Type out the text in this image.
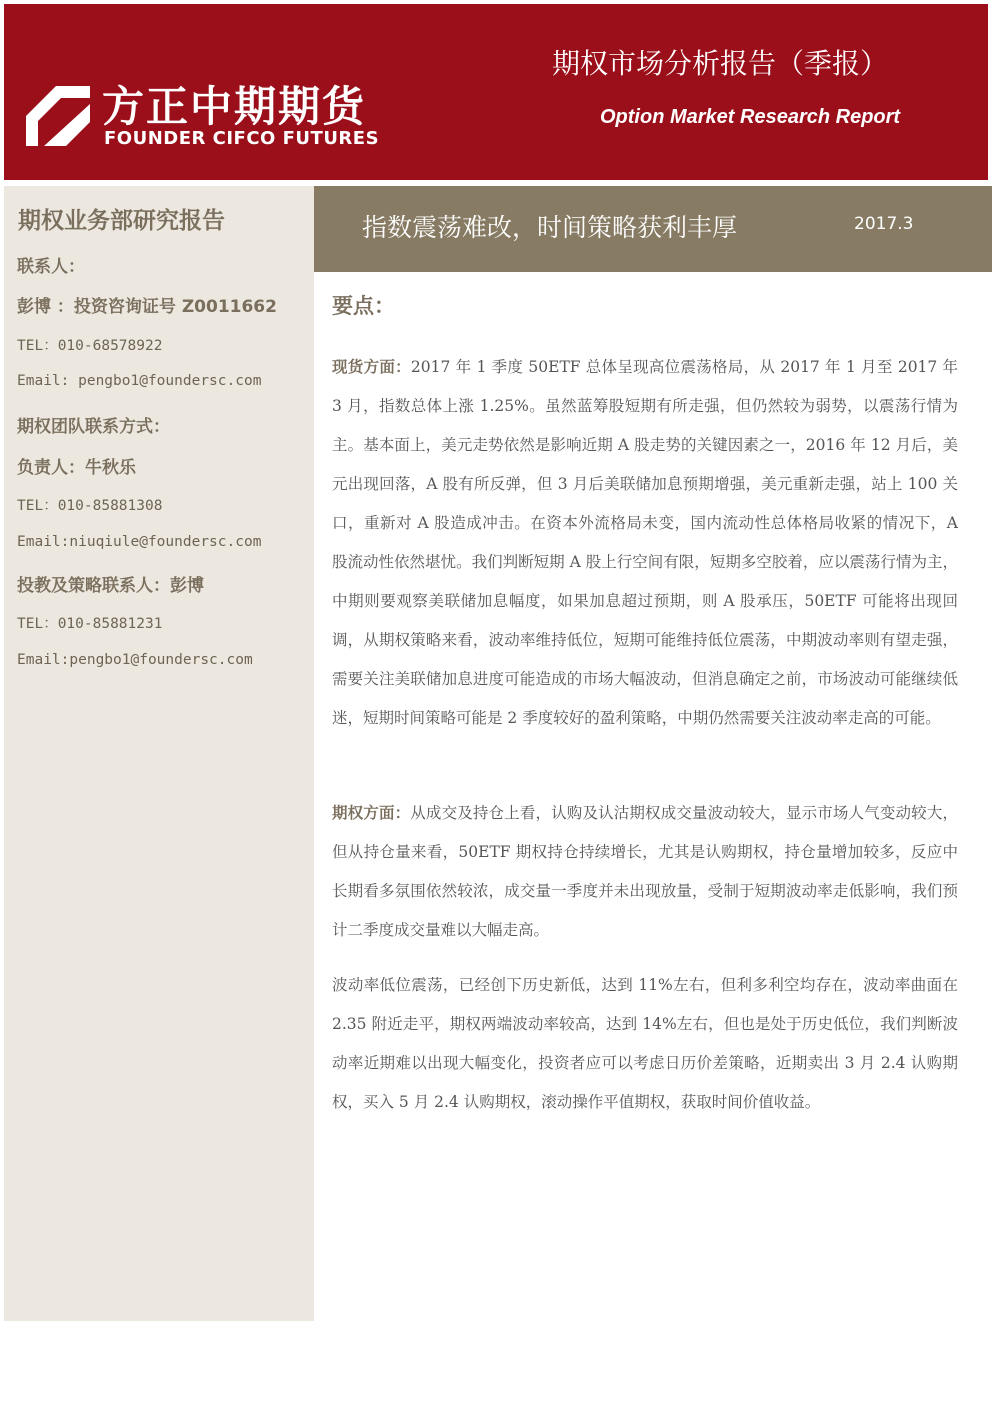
方正中期期货
FOUNDER CIFCO FUTURES
期权市场分析报告（季报）
Option Market Research Report
期权业务部研究报告
联系人：
彭博 ：投资咨询证号 Z0011662
TEL：010-68578922
Email: pengbo1@foundersc.com
期权团队联系方式：
负责人：牛秋乐
TEL：010-85881308
Email:niuqiule@foundersc.com
投教及策略联系人：彭博
TEL：010-85881231
Email:pengbo1@foundersc.com
指数震荡难改，时间策略获利丰厚	2017.3
要点：

现货方面：2017 年 1 季度 50ETF 总体呈现高位震荡格局，从 2017 年 1 月至 2017 年 3 月，指数总体上涨 1.25%。虽然蓝筹股短期有所走强，但仍然较为弱势，以震荡行情为主。基本面上，美元走势依然是影响近期 A 股走势的关键因素之一，2016 年 12 月后，美元出现回落，A 股有所反弹，但 3 月后美联储加息预期增强，美元重新走强，站上 100 关口，重新对 A 股造成冲击。在资本外流格局未变，国内流动性总体格局收紧的情况下，A 股流动性依然堪忧。我们判断短期 A 股上行空间有限，短期多空胶着，应以震荡行情为主，中期则要观察美联储加息幅度，如果加息超过预期，则 A 股承压，50ETF 可能将出现回调，从期权策略来看，波动率维持低位，短期可能维持低位震荡，中期波动率则有望走强，需要关注美联储加息进度可能造成的市场大幅波动，但消息确定之前，市场波动可能继续低迷，短期时间策略可能是 2 季度较好的盈利策略，中期仍然需要关注波动率走高的可能。

期权方面：从成交及持仓上看，认购及认沽期权成交量波动较大，显示市场人气变动较大，但从持仓量来看，50ETF 期权持仓持续增长，尤其是认购期权，持仓量增加较多，反应中长期看多氛围依然较浓，成交量一季度并未出现放量，受制于短期波动率走低影响，我们预计二季度成交量难以大幅走高。

波动率低位震荡，已经创下历史新低，达到 11%左右，但利多利空均存在，波动率曲面在 2.35 附近走平，期权两端波动率较高，达到 14%左右，但也是处于历史低位，我们判断波动率近期难以出现大幅变化，投资者应可以考虑日历价差策略，近期卖出 3 月 2.4 认购期权，买入 5 月 2.4 认购期权，滚动操作平值期权，获取时间价值收益。
